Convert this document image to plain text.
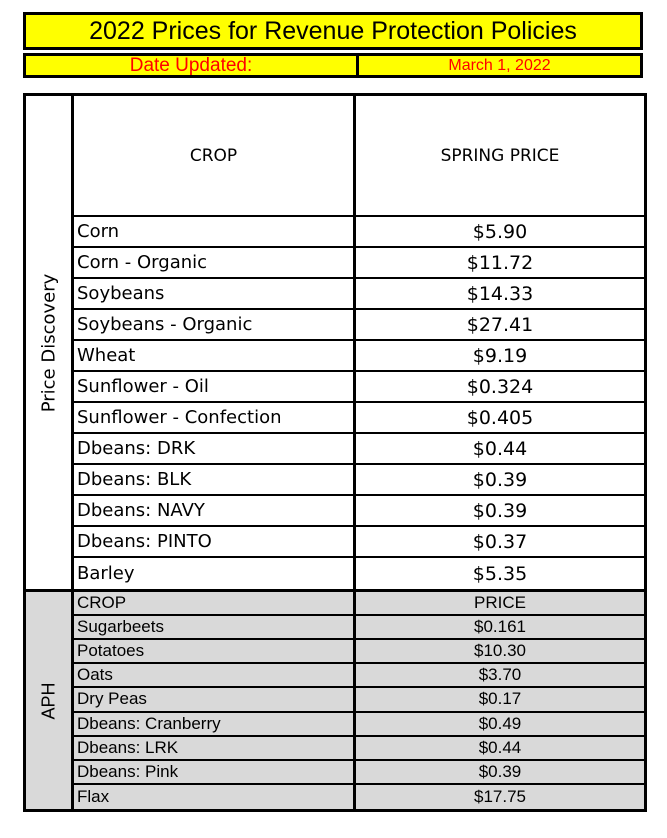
2022 Prices for Revenue Protection Policies
Date Updated:	March 1, 2022
Price Discovery
CROP	SPRING PRICE
Corn	$5.90
Corn - Organic	$11.72
Soybeans	$14.33
Soybeans - Organic	$27.41
Wheat	$9.19
Sunflower - Oil	$0.324
Sunflower - Confection	$0.405
Dbeans: DRK	$0.44
Dbeans: BLK	$0.39
Dbeans: NAVY	$0.39
Dbeans: PINTO	$0.37
Barley	$5.35
APH
CROP	PRICE
Sugarbeets	$0.161
Potatoes	$10.30
Oats	$3.70
Dry Peas	$0.17
Dbeans: Cranberry	$0.49
Dbeans: LRK	$0.44
Dbeans: Pink	$0.39
Flax	$17.75
